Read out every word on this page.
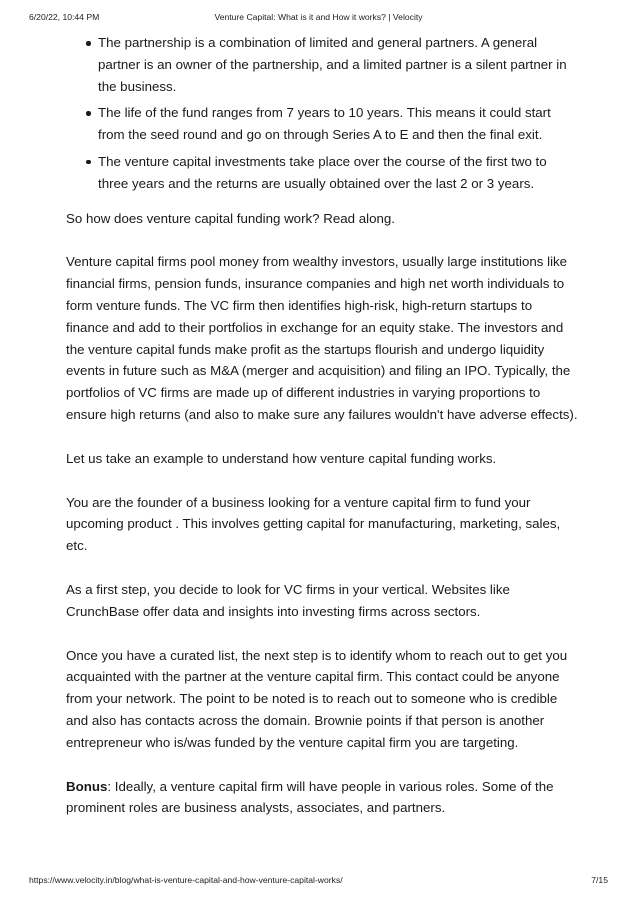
6/20/22, 10:44 PM	Venture Capital: What is it and How it works? | Velocity
The partnership is a combination of limited and general partners. A general partner is an owner of the partnership, and a limited partner is a silent partner in the business.
The life of the fund ranges from 7 years to 10 years. This means it could start from the seed round and go on through Series A to E and then the final exit.
The venture capital investments take place over the course of the first two to three years and the returns are usually obtained over the last 2 or 3 years.

So how does venture capital funding work? Read along.

Venture capital firms pool money from wealthy investors, usually large institutions like financial firms, pension funds, insurance companies and high net worth individuals to form venture funds. The VC firm then identifies high-risk, high-return startups to finance and add to their portfolios in exchange for an equity stake. The investors and the venture capital funds make profit as the startups flourish and undergo liquidity events in future such as M&A (merger and acquisition) and filing an IPO. Typically, the portfolios of VC firms are made up of different industries in varying proportions to ensure high returns (and also to make sure any failures wouldn't have adverse effects).

Let us take an example to understand how venture capital funding works.

You are the founder of a business looking for a venture capital firm to fund your upcoming product . This involves getting capital for manufacturing, marketing, sales, etc.

As a first step, you decide to look for VC firms in your vertical. Websites like CrunchBase offer data and insights into investing firms across sectors.

Once you have a curated list, the next step is to identify whom to reach out to get you acquainted with the partner at the venture capital firm. This contact could be anyone from your network. The point to be noted is to reach out to someone who is credible and also has contacts across the domain. Brownie points if that person is another entrepreneur who is/was funded by the venture capital firm you are targeting.

Bonus: Ideally, a venture capital firm will have people in various roles. Some of the prominent roles are business analysts, associates, and partners.

https://www.velocity.in/blog/what-is-venture-capital-and-how-venture-capital-works/	7/15
